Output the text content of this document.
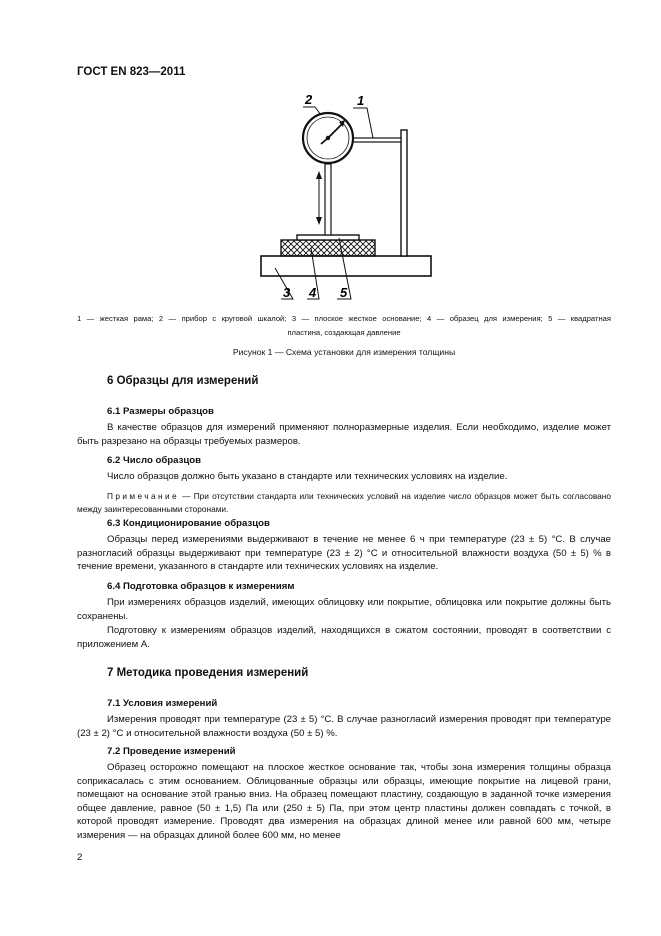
ГОСТ EN 823—2011
2	1
3 4 5
1 — жесткая рама; 2 — прибор с круговой шкалой; 3 — плоское жесткое основание; 4 — образец для измерения; 5 — квадратная
пластина, создающая давление
Рисунок 1 — Схема установки для измерения толщины
6 Образцы для измерений
6.1 Размеры образцов
В качестве образцов для измерений применяют полноразмерные изделия. Если необходимо, изделие может быть разрезано на образцы требуемых размеров.
6.2 Число образцов
Число образцов должно быть указано в стандарте или технических условиях на изделие.
Примечание — При отсутствии стандарта или технических условий на изделие число образцов может быть согласовано между заинтересованными сторонами.
6.3 Кондиционирование образцов
Образцы перед измерениями выдерживают в течение не менее 6 ч при температуре (23 ± 5) °С. В случае разногласий образцы выдерживают при температуре (23 ± 2) °С и относительной влажности воздуха (50 ± 5) % в течение времени, указанного в стандарте или технических условиях на изделие.
6.4 Подготовка образцов к измерениям
При измерениях образцов изделий, имеющих облицовку или покрытие, облицовка или покрытие должны быть сохранены.
Подготовку к измерениям образцов изделий, находящихся в сжатом состоянии, проводят в соответствии с приложением А.
7 Методика проведения измерений
7.1 Условия измерений
Измерения проводят при температуре (23 ± 5) °С. В случае разногласий измерения проводят при температуре (23 ± 2) °С и относительной влажности воздуха (50 ± 5) %.
7.2 Проведение измерений
Образец осторожно помещают на плоское жесткое основание так, чтобы зона измерения толщины образца соприкасалась с этим основанием. Облицованные образцы или образцы, имеющие покрытие на лицевой грани, помещают на основание этой гранью вниз. На образец помещают пластину, создающую в заданной точке измерения общее давление, равное (50 ± 1,5) Па или (250 ± 5) Па, при этом центр пластины должен совпадать с точкой, в которой проводят измерение. Проводят два измерения на образцах длиной менее или равной 600 мм, четыре измерения — на образцах длиной более 600 мм, но менее
2
